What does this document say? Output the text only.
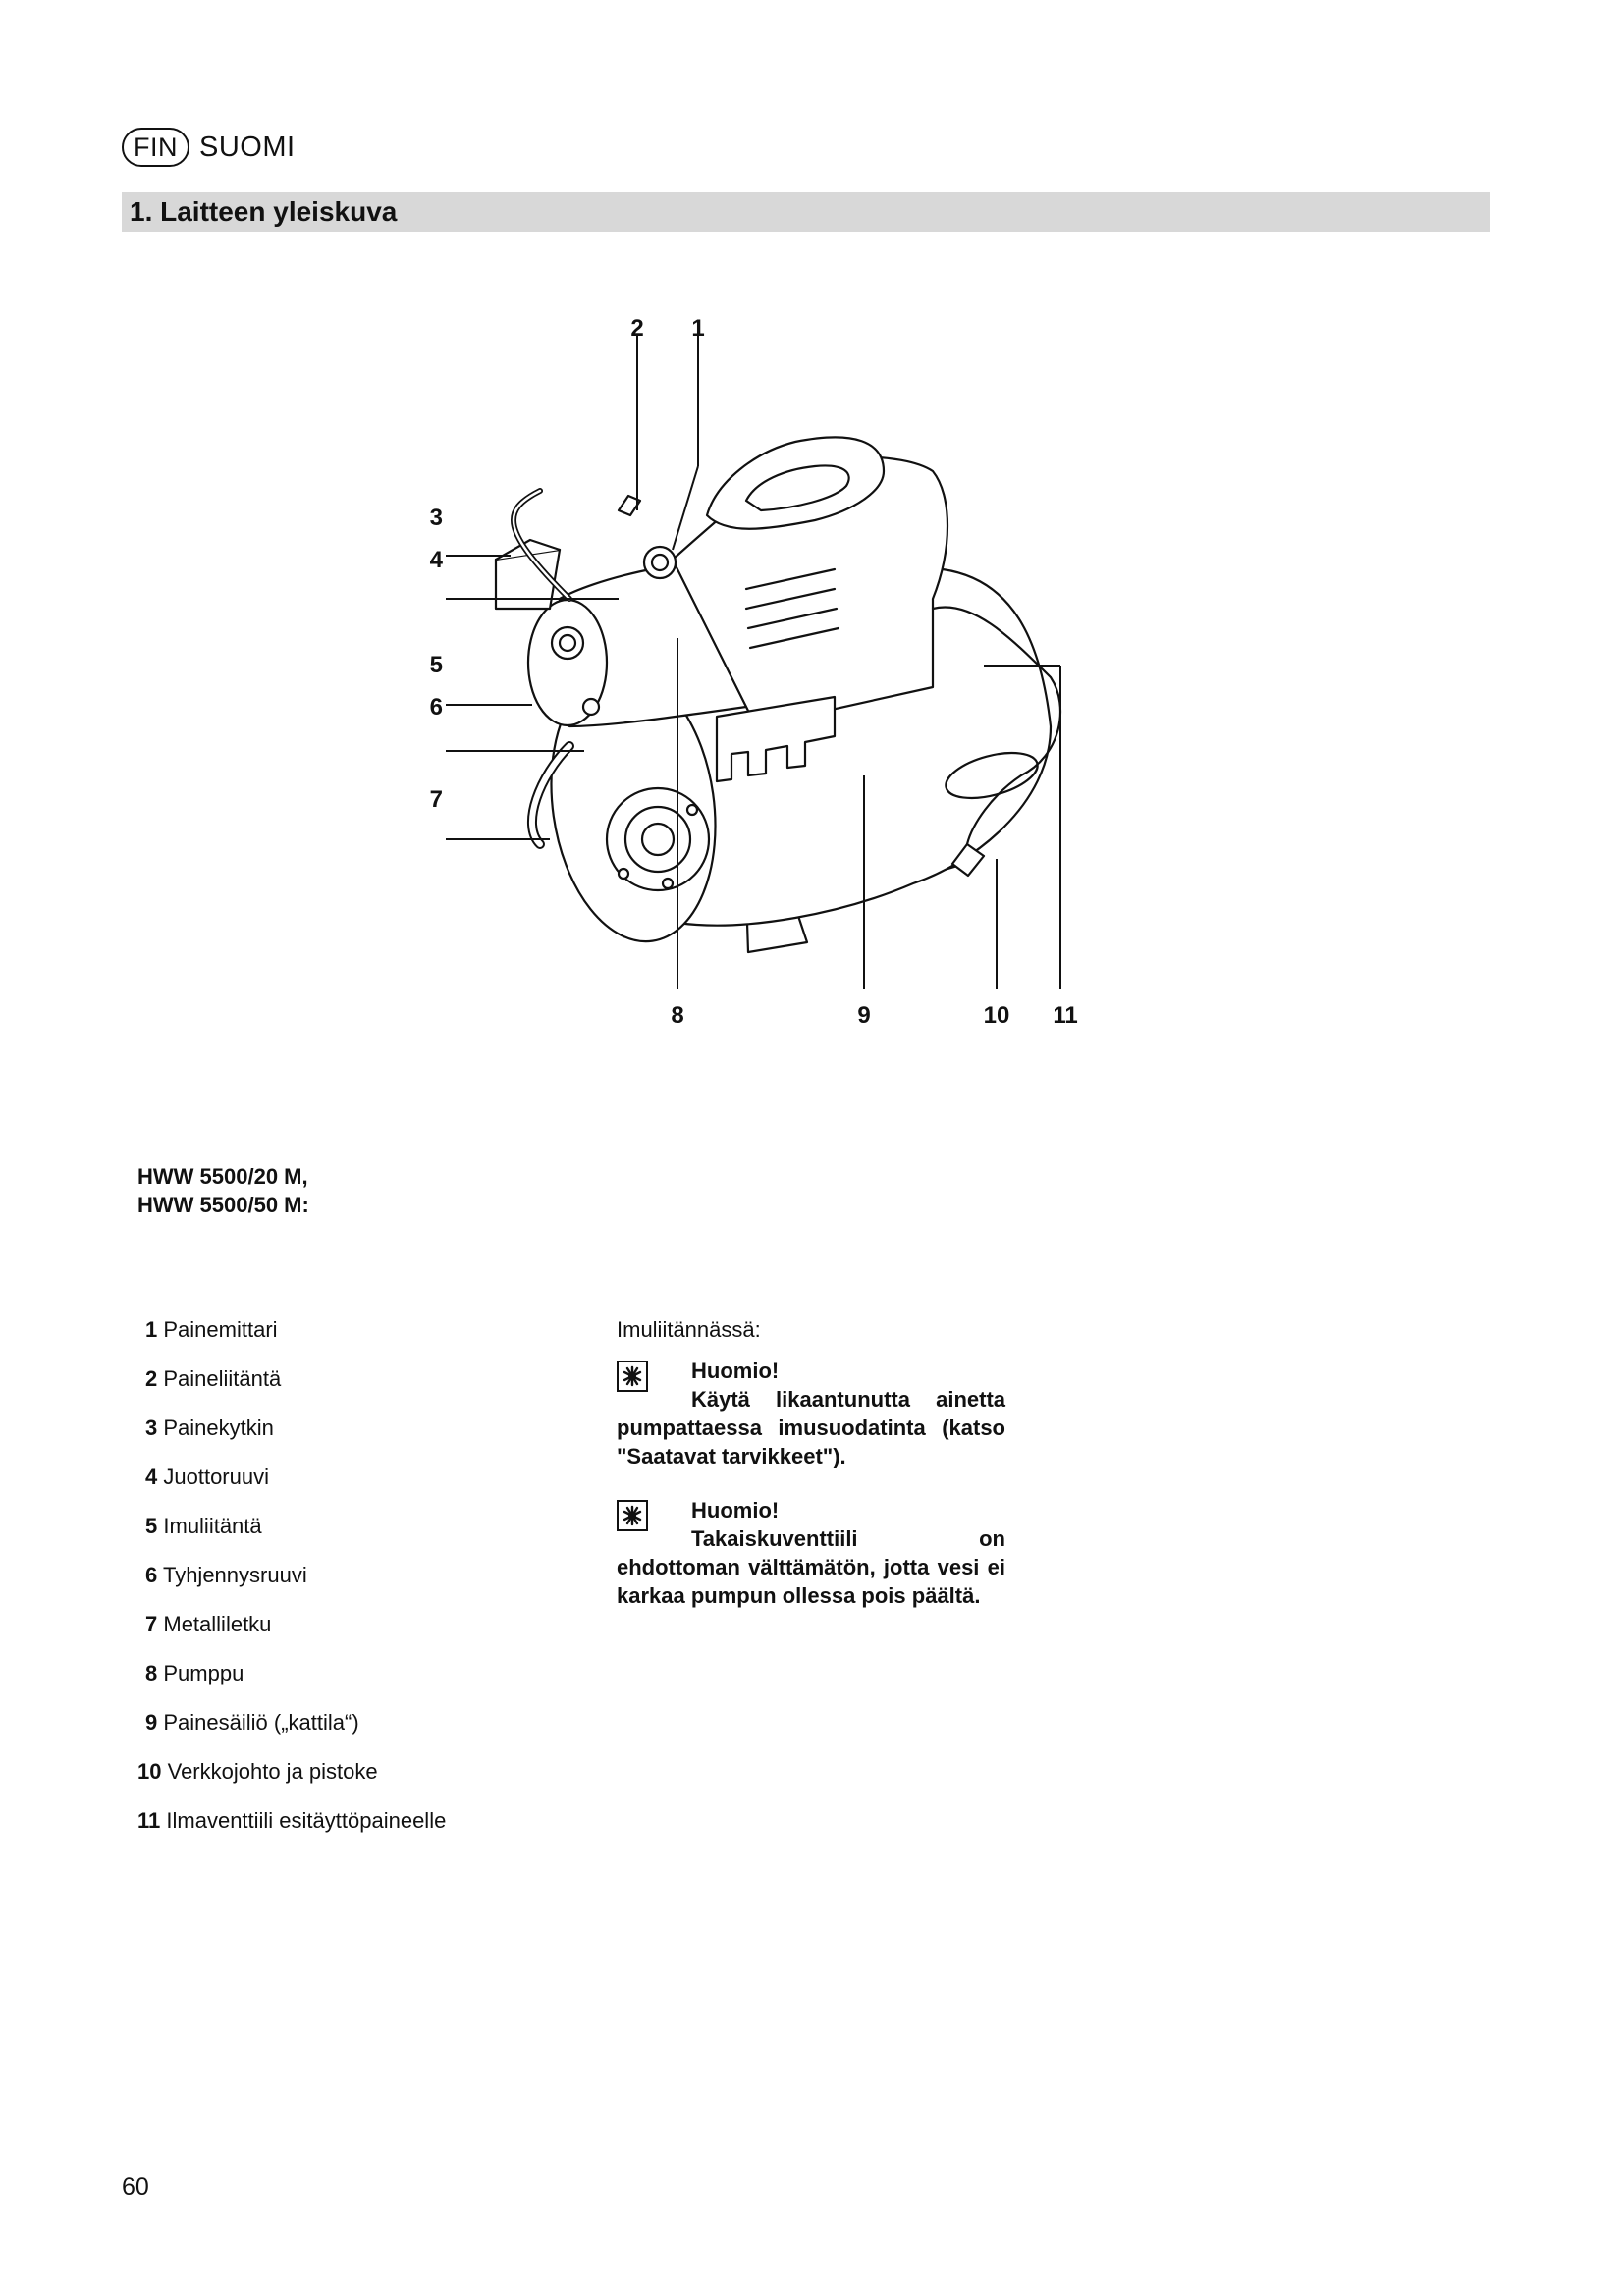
FIN SUOMI
1. Laitteen yleiskuva
2 1
3
4
5
6
7
8	9	10 11
HWW 5500/20 M,
HWW 5500/50 M:
1 Painemittari
2 Paineliitäntä
3 Painekytkin
4 Juottoruuvi
5 Imuliitäntä
6 Tyhjennysruuvi
7 Metalliletku
8 Pumppu
9 Painesäiliö („kattila“)
10 Verkkojohto ja pistoke
11 Ilmaventtiili esitäyttöpaineelle
Imuliitännässä:
Huomio!
Käytä likaantunutta ainetta pumpattaessa imusuodatinta (katso "Saatavat tarvikkeet").
Huomio!
Takaiskuventtiili on ehdottoman välttämätön, jotta vesi ei karkaa pumpun ollessa pois päältä.
60
